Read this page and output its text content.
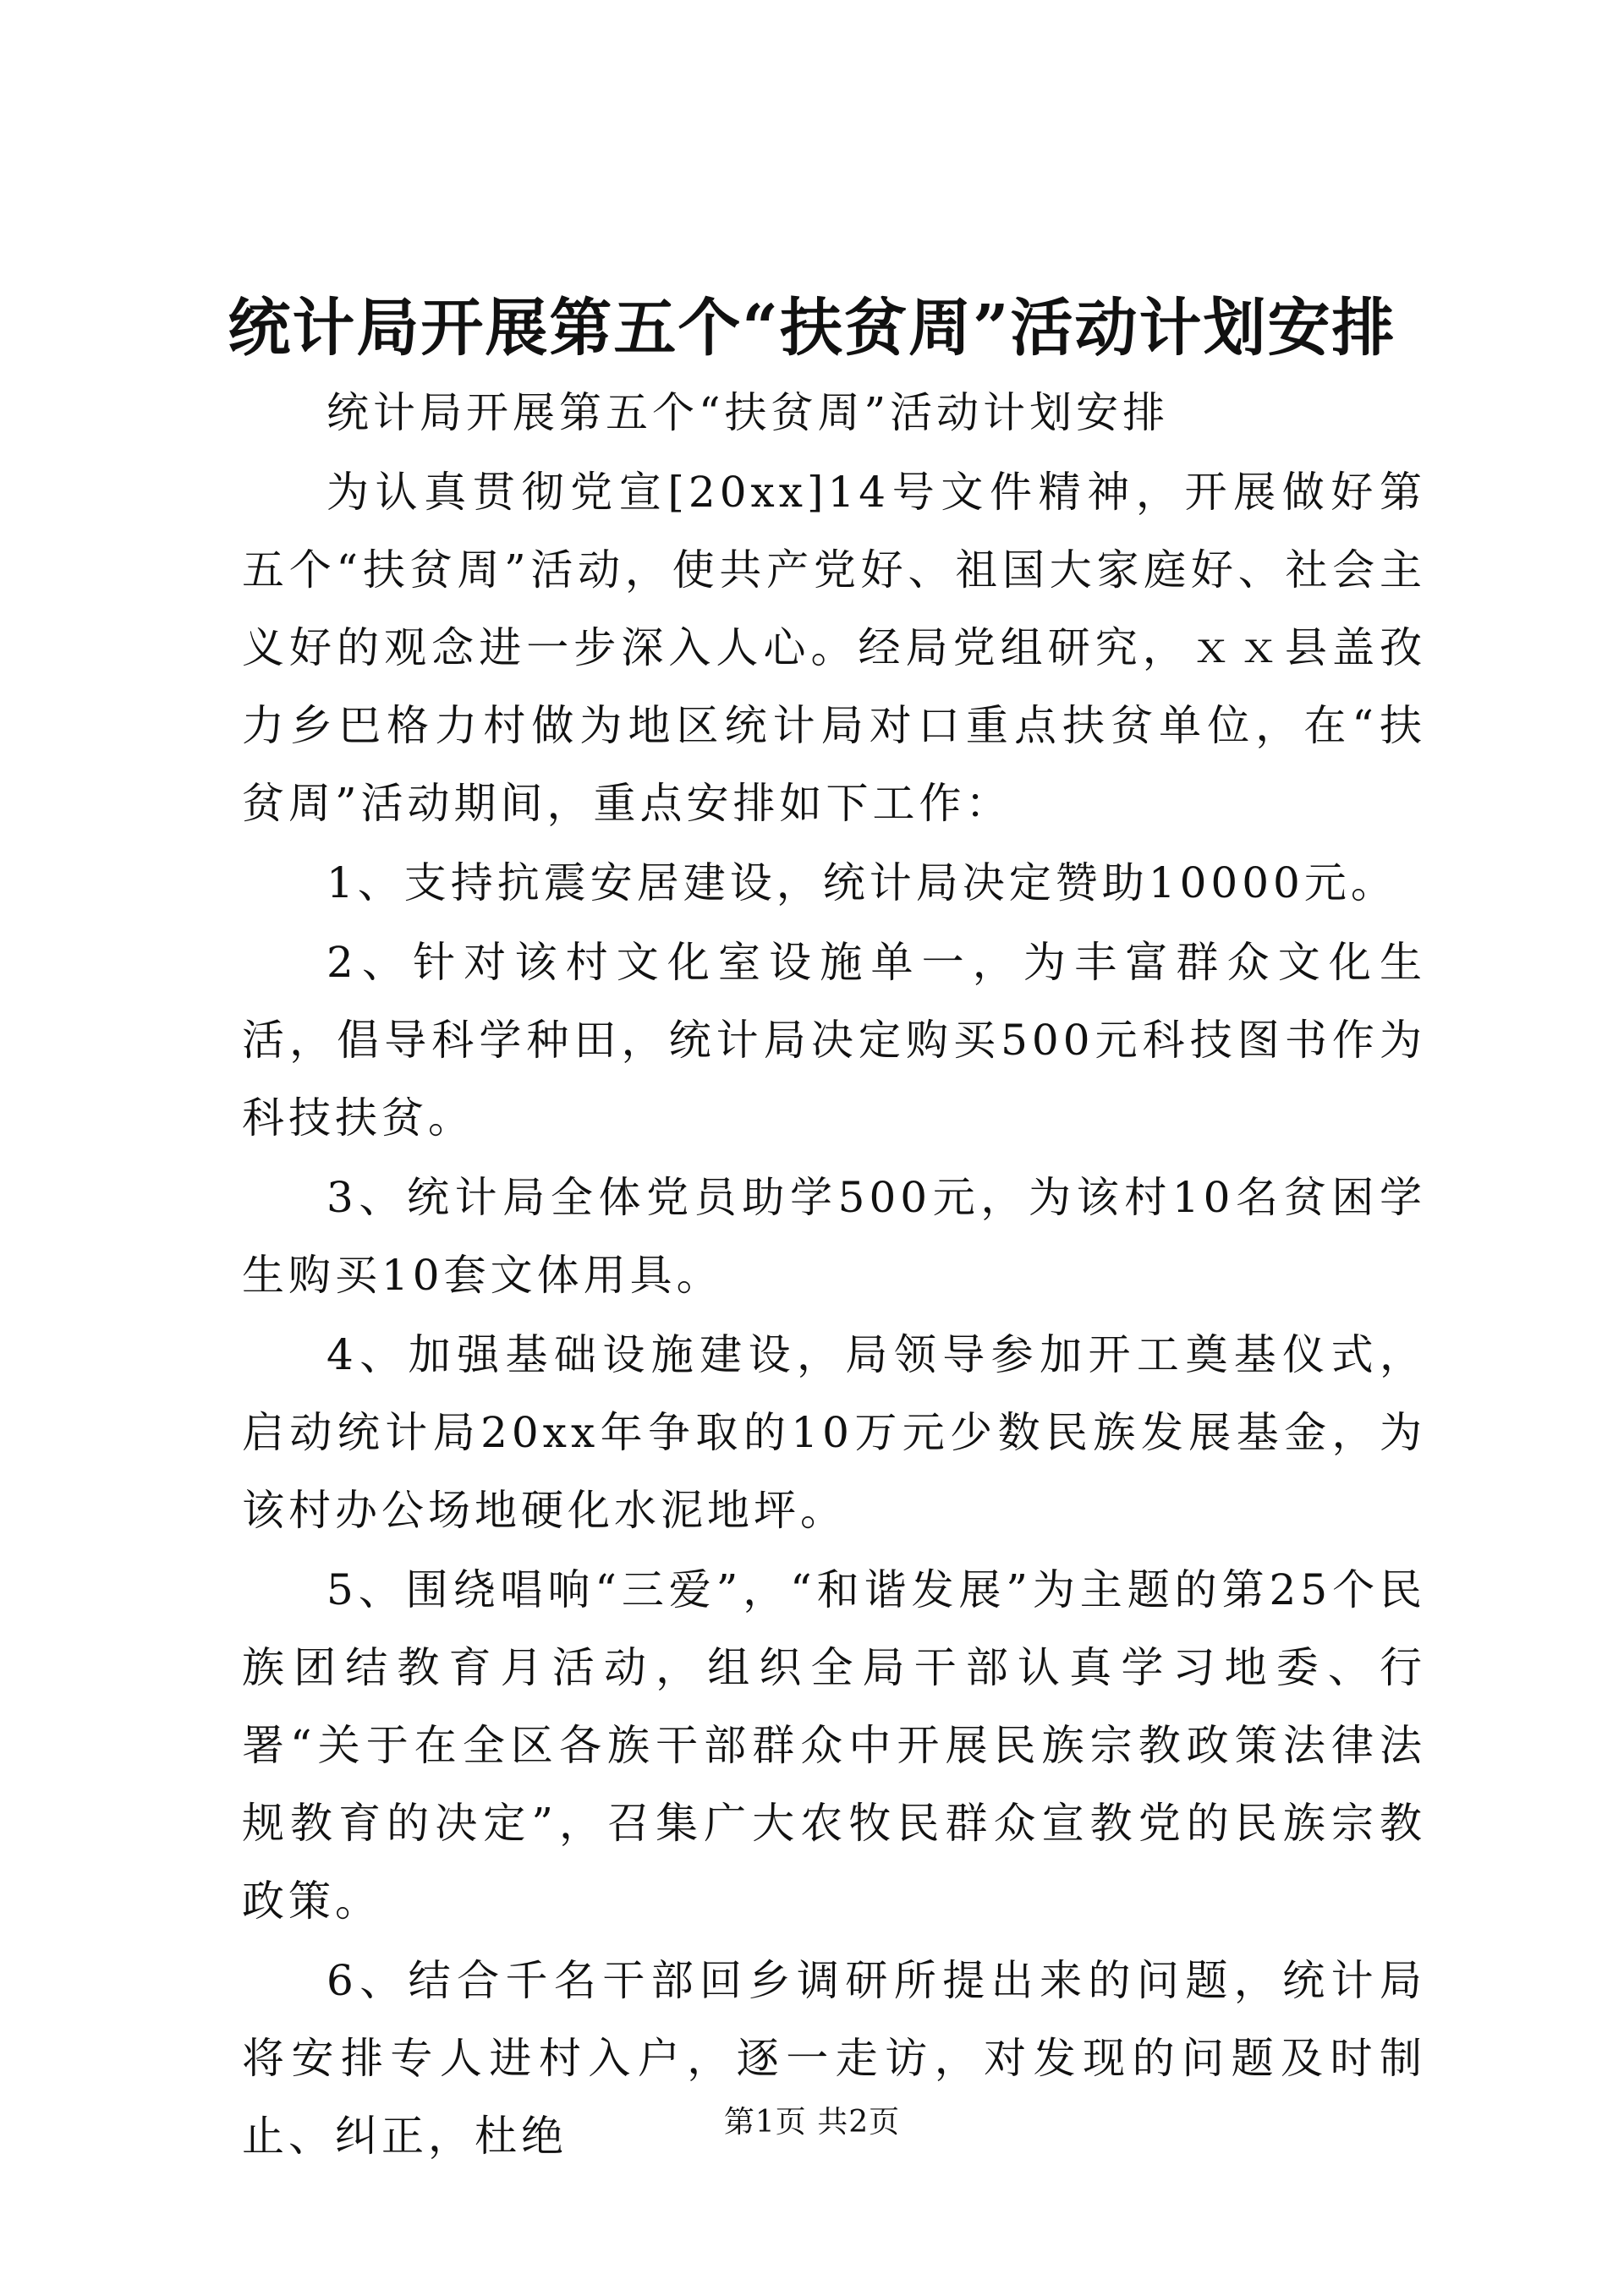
统计局开展第五个“扶贫周”活动计划安排

统计局开展第五个“扶贫周”活动计划安排

为认真贯彻党宣[20xx]14号文件精神，开展做好第五个“扶贫周”活动，使共产党好、祖国大家庭好、社会主义好的观念进一步深入人心。经局党组研究，ｘｘ县盖孜力乡巴格力村做为地区统计局对口重点扶贫单位，在“扶贫周”活动期间，重点安排如下工作：

1、支持抗震安居建设，统计局决定赞助10000元。

2、针对该村文化室设施单一，为丰富群众文化生活，倡导科学种田，统计局决定购买500元科技图书作为科技扶贫。

3、统计局全体党员助学500元，为该村10名贫困学生购买10套文体用具。

4、加强基础设施建设，局领导参加开工奠基仪式，启动统计局20xx年争取的10万元少数民族发展基金，为该村办公场地硬化水泥地坪。

5、围绕唱响“三爱”，“和谐发展”为主题的第25个民族团结教育月活动，组织全局干部认真学习地委、行署“关于在全区各族干部群众中开展民族宗教政策法律法规教育的决定”，召集广大农牧民群众宣教党的民族宗教政策。

6、结合千名干部回乡调研所提出来的问题，统计局将安排专人进村入户，逐一走访，对发现的问题及时制止、纠正，杜绝	第1页 共2页
